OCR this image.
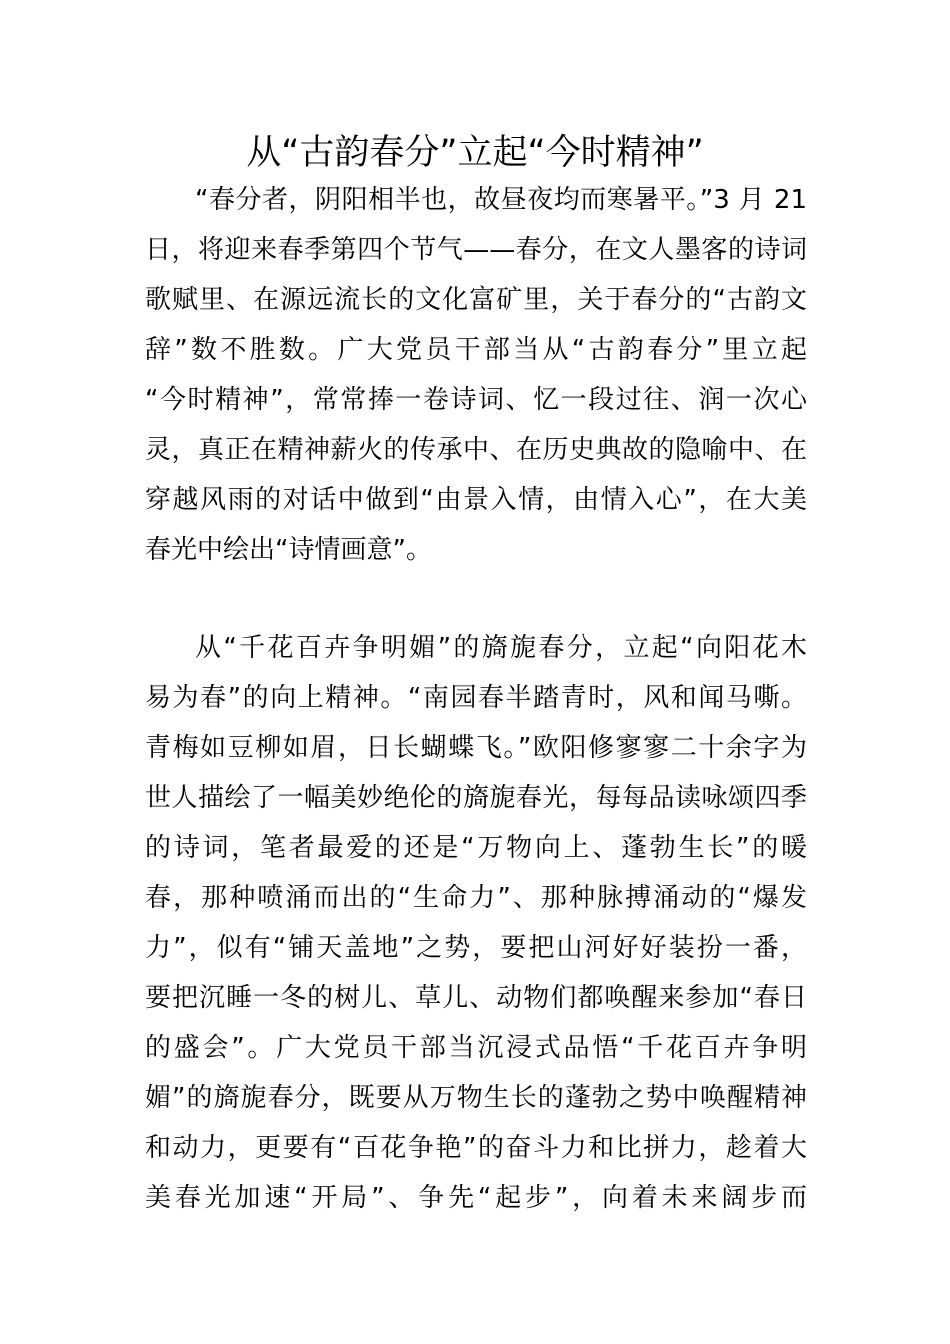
从“古韵春分”立起“今时精神”
“春分者，阴阳相半也，故昼夜均而寒暑平。”3 月 21
日，将迎来春季第四个节气——春分，在文人墨客的诗词
歌赋里、在源远流长的文化富矿里，关于春分的“古韵文
辞”数不胜数。广大党员干部当从“古韵春分”里立起
“今时精神”，常常捧一卷诗词、忆一段过往、润一次心
灵，真正在精神薪火的传承中、在历史典故的隐喻中、在
穿越风雨的对话中做到“由景入情，由情入心”，在大美
春光中绘出“诗情画意”。
从“千花百卉争明媚”的旖旎春分，立起“向阳花木
易为春”的向上精神。“南园春半踏青时，风和闻马嘶。
青梅如豆柳如眉，日长蝴蝶飞。”欧阳修寥寥二十余字为
世人描绘了一幅美妙绝伦的旖旎春光，每每品读咏颂四季
的诗词，笔者最爱的还是“万物向上、蓬勃生长”的暖
春，那种喷涌而出的“生命力”、那种脉搏涌动的“爆发
力”，似有“铺天盖地”之势，要把山河好好装扮一番，
要把沉睡一冬的树儿、草儿、动物们都唤醒来参加“春日
的盛会”。广大党员干部当沉浸式品悟“千花百卉争明
媚”的旖旎春分，既要从万物生长的蓬勃之势中唤醒精神
和动力，更要有“百花争艳”的奋斗力和比拼力，趁着大
美春光加速“开局”、争先“起步”，向着未来阔步而
